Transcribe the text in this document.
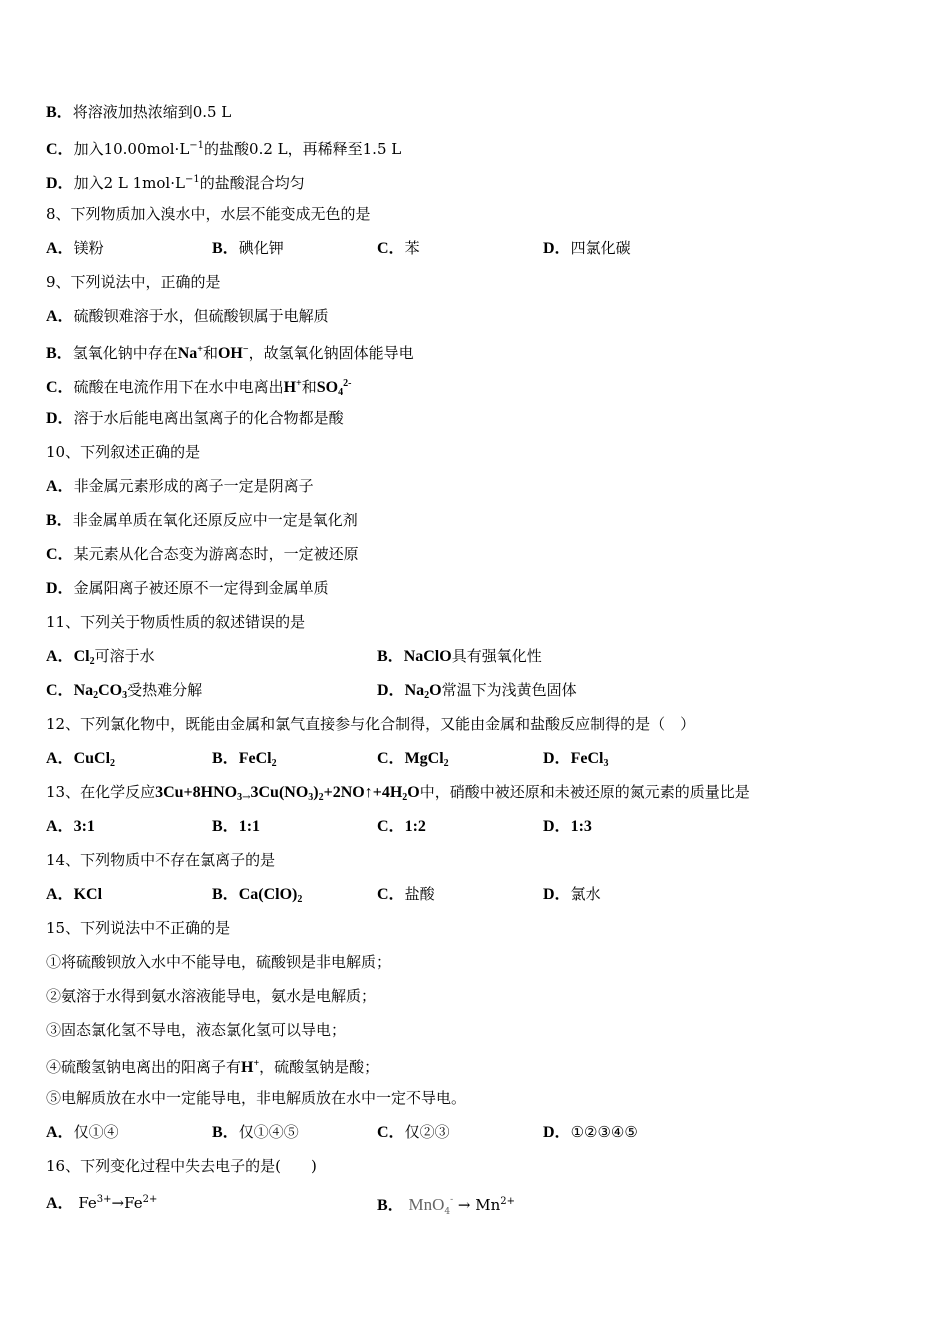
B．将溶液加热浓缩到0.5 L
C．加入$10.00mol\cdot L^{-1}$的盐酸0.2 L，再稀释至1.5 L
D．加入2 L $1mol\cdot L^{-1}$的盐酸混合均匀
8、下列物质加入溴水中，水层不能变成无色的是
A．镁粉	B．碘化钾	C．苯	D．四氯化碳
9、下列说法中，正确的是
A．硫酸钡难溶于水，但硫酸钡属于电解质
B．氢氧化钠中存在Na+和OH−，故氢氧化钠固体能导电
C．硫酸在电流作用下在水中电离出H+和$SO_4^{2-}$
D．溶于水后能电离出氢离子的化合物都是酸
10、下列叙述正确的是
A．非金属元素形成的离子一定是阴离子
B．非金属单质在氧化还原反应中一定是氧化剂
C．某元素从化合态变为游离态时，一定被还原
D．金属阳离子被还原不一定得到金属单质
11、下列关于物质性质的叙述错误的是
A．$Cl_2$可溶于水	B．NaClO具有强氧化性
C．$Na_2CO_3$受热难分解	D．$Na_2O$常温下为浅黄色固体
12、下列氯化物中，既能由金属和氯气直接参与化合制得，又能由金属和盐酸反应制得的是（　）
A．CuCl$_2$	B．FeCl$_2$	C．MgCl$_2$	D．FeCl$_3$
13、在化学反应$3Cu+8HNO_{3\to}3Cu(NO_3)_2+2NO↑+4H_2O$中，硝酸中被还原和未被还原的氮元素的质量比是
A．3:1	B．1:1	C．1:2	D．1:3
14、下列物质中不存在氯离子的是
A．KCl	B．$Ca(ClO)_2$	C．盐酸	D．氯水
15、下列说法中不正确的是
①将硫酸钡放入水中不能导电，硫酸钡是非电解质；
②氨溶于水得到氨水溶液能导电，氨水是电解质；
③固态氯化氢不导电，液态氯化氢可以导电；
④硫酸氢钠电离出的阳离子有H+，硫酸氢钠是酸；
⑤电解质放在水中一定能导电，非电解质放在水中一定不导电。
A．仅①④	B．仅①④⑤	C．仅②③	D．①②③④⑤
16、下列变化过程中失去电子的是(　　)
A． $Fe^{3+}\to Fe^{2+}$	B． $MnO_4^- \to Mn^{2+}$
